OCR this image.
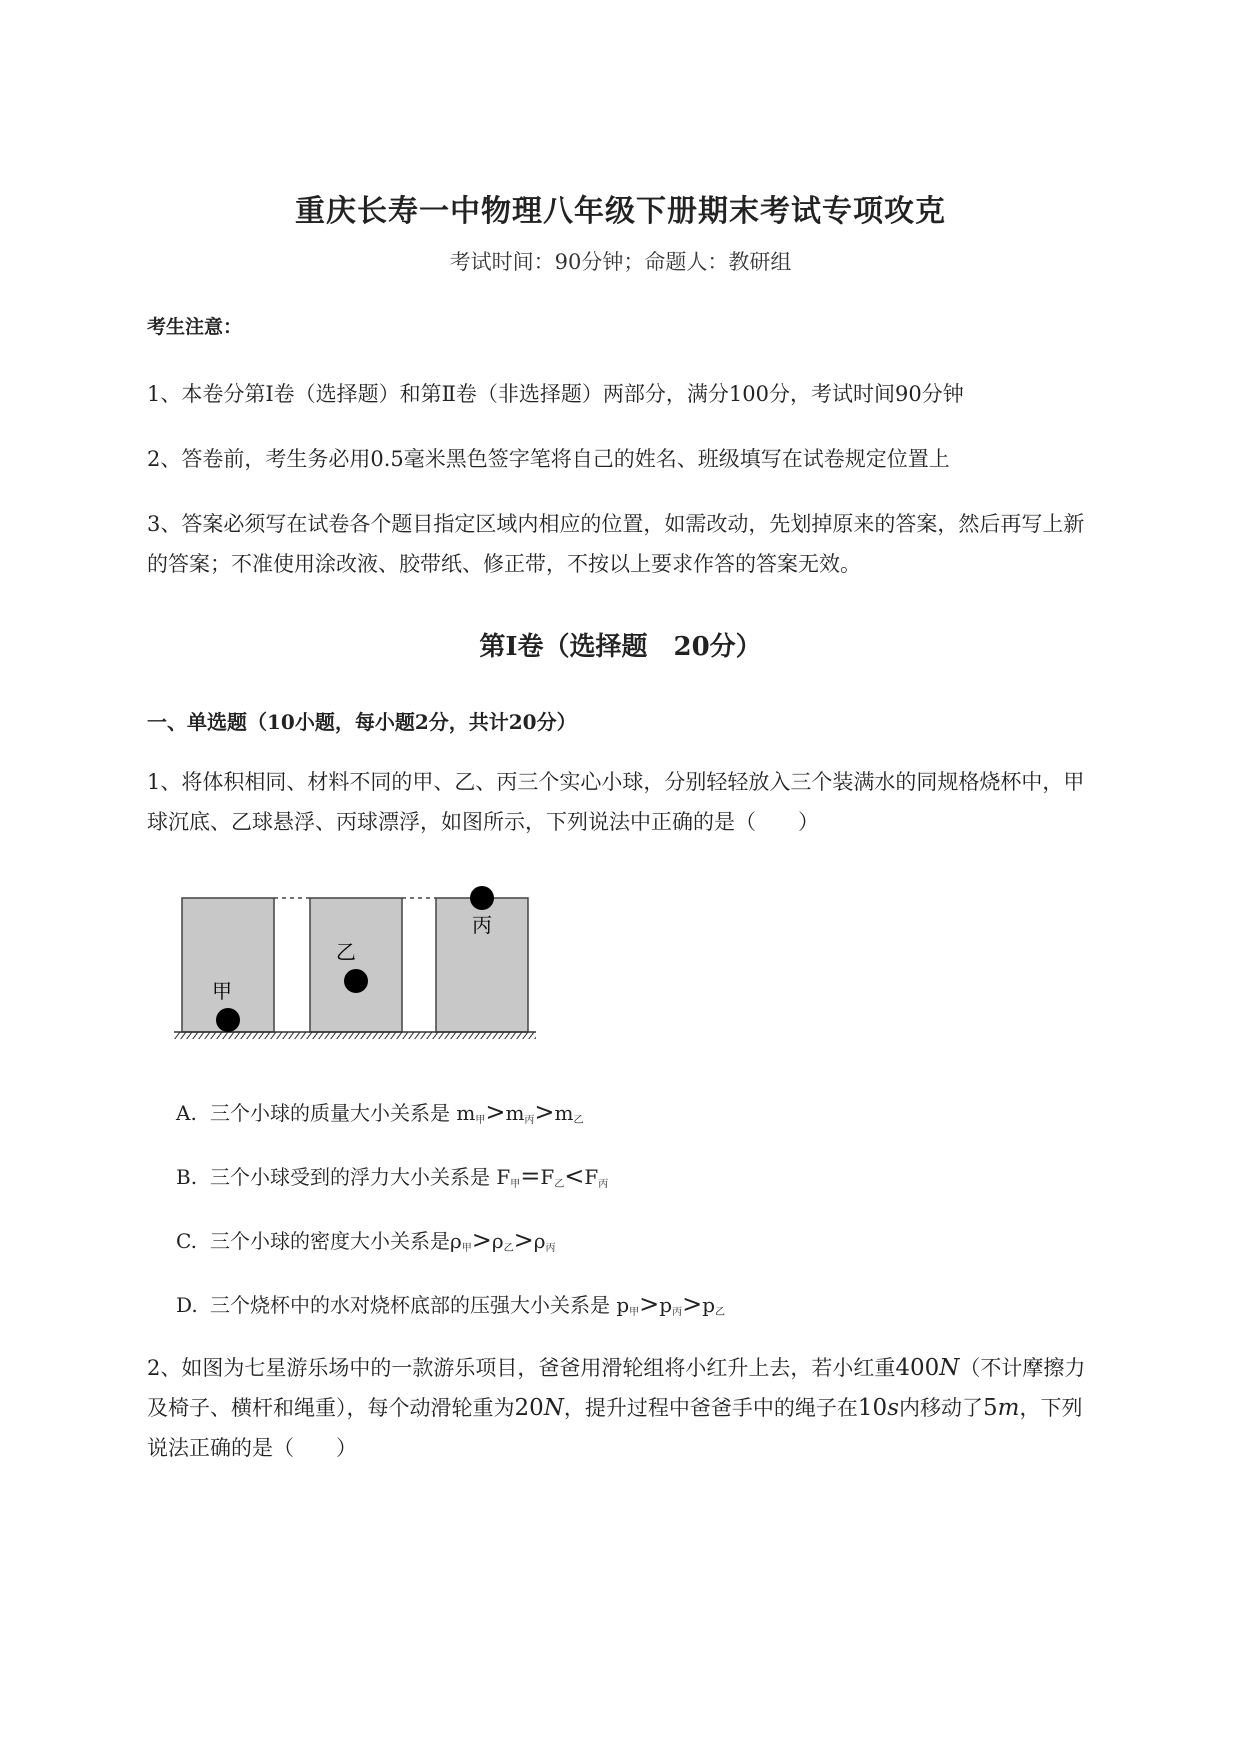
重庆长寿一中物理八年级下册期末考试专项攻克
考试时间：90分钟；命题人：教研组
考生注意：
1、本卷分第I卷（选择题）和第Ⅱ卷（非选择题）两部分，满分100分，考试时间90分钟
2、答卷前，考生务必用0.5毫米黑色签字笔将自己的姓名、班级填写在试卷规定位置上
3、答案必须写在试卷各个题目指定区域内相应的位置，如需改动，先划掉原来的答案，然后再写上新
的答案；不准使用涂改液、胶带纸、修正带，不按以上要求作答的答案无效。
第I卷（选择题　20分）
一、单选题（10小题，每小题2分，共计20分）
1、将体积相同、材料不同的甲、乙、丙三个实心小球，分别轻轻放入三个装满水的同规格烧杯中，甲
球沉底、乙球悬浮、丙球漂浮，如图所示，下列说法中正确的是（　　）
甲
乙
丙
A. 三个小球的质量大小关系是 $m_甲>m_丙>m_乙$
B. 三个小球受到的浮力大小关系是 $F_甲=F_乙<F_丙$
C. 三个小球的密度大小关系是$\rho_甲>\rho_乙>\rho_丙$
D. 三个烧杯中的水对烧杯底部的压强大小关系是 $p_甲>p_丙>p_乙$
2、如图为七星游乐场中的一款游乐项目，爸爸用滑轮组将小红升上去，若小红重400N（不计摩擦力
及椅子、横杆和绳重），每个动滑轮重为20N，提升过程中爸爸手中的绳子在10s内移动了5m，下列
说法正确的是（　　）
